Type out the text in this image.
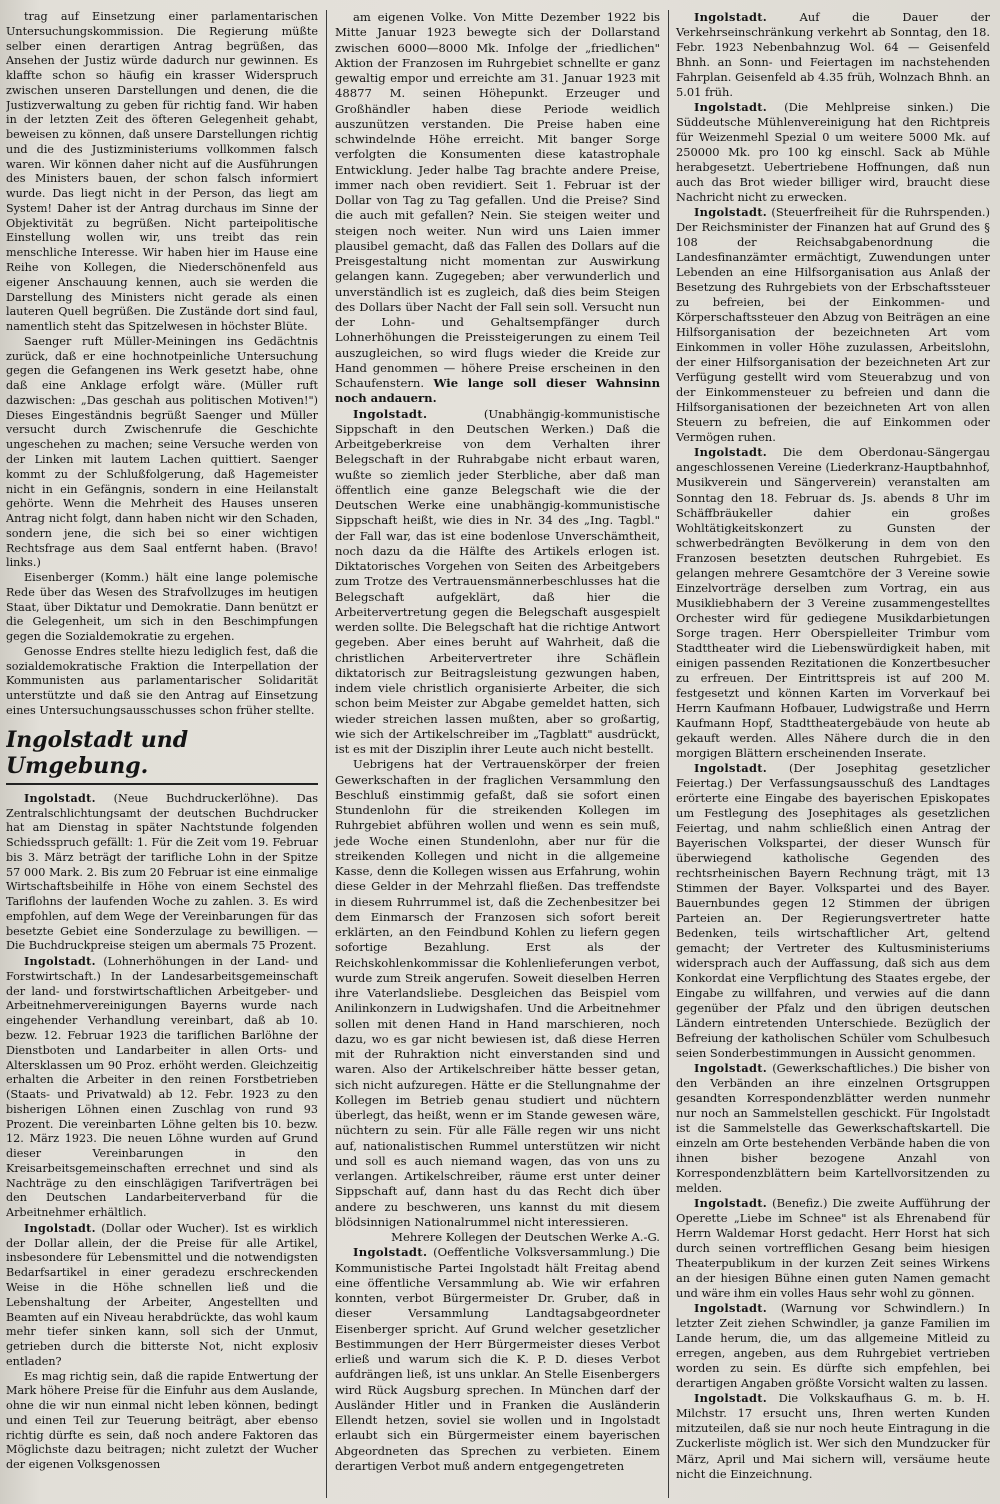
trag auf Einsetzung einer parlamentarischen Untersuchungskommission. Die Regierung müßte selber einen derartigen Antrag begrüßen, das Ansehen der Justiz würde dadurch nur gewinnen. Es klaffte schon so häufig ein krasser Widerspruch zwischen unseren Darstellungen und denen, die die Justizverwaltung zu geben für richtig fand. Wir haben in der letzten Zeit des öfteren Gelegenheit gehabt, beweisen zu können, daß unsere Darstellungen richtig und die des Justizministeriums vollkommen falsch waren. Wir können daher nicht auf die Ausführungen des Ministers bauen, der schon falsch informiert wurde. Das liegt nicht in der Person, das liegt am System! Daher ist der Antrag durchaus im Sinne der Objektivität zu begrüßen. Nicht parteipolitische Einstellung wollen wir, uns treibt das rein menschliche Interesse. Wir haben hier im Hause eine Reihe von Kollegen, die Niederschönenfeld aus eigener Anschauung kennen, auch sie werden die Darstellung des Ministers nicht gerade als einen lauteren Quell begrüßen. Die Zustände dort sind faul, namentlich steht das Spitzelwesen in höchster Blüte.

Saenger ruft Müller-Meiningen ins Gedächtnis zurück, daß er eine hochnotpeinliche Untersuchung gegen die Gefangenen ins Werk gesetzt habe, ohne daß eine Anklage erfolgt wäre. (Müller ruft dazwischen: „Das geschah aus politischen Motiven!") Dieses Eingeständnis begrüßt Saenger und Müller versucht durch Zwischenrufe die Geschichte ungeschehen zu machen; seine Versuche werden von der Linken mit lautem Lachen quittiert. Saenger kommt zu der Schlußfolgerung, daß Hagemeister nicht in ein Gefängnis, sondern in eine Heilanstalt gehörte. Wenn die Mehrheit des Hauses unseren Antrag nicht folgt, dann haben nicht wir den Schaden, sondern jene, die sich bei so einer wichtigen Rechtsfrage aus dem Saal entfernt haben. (Bravo! links.)

Eisenberger (Komm.) hält eine lange polemische Rede über das Wesen des Strafvollzuges im heutigen Staat, über Diktatur und Demokratie. Dann benützt er die Gelegenheit, um sich in den Beschimpfungen gegen die Sozialdemokratie zu ergehen.

Genosse Endres stellte hiezu lediglich fest, daß die sozialdemokratische Fraktion die Interpellation der Kommunisten aus parlamentarischer Solidarität unterstützte und daß sie den Antrag auf Einsetzung eines Untersuchungsausschusses schon früher stellte.

Ingolstadt und Umgebung.

Ingolstadt. (Neue Buchdruckerlöhne). Das Zentralschlichtungsamt der deutschen Buchdrucker hat am Dienstag in später Nachtstunde folgenden Schiedsspruch gefällt: 1. Für die Zeit vom 19. Februar bis 3. März beträgt der tarifliche Lohn in der Spitze 57 000 Mark. 2. Bis zum 20 Februar ist eine einmalige Wirtschaftsbeihilfe in Höhe von einem Sechstel des Tariflohns der laufenden Woche zu zahlen. 3. Es wird empfohlen, auf dem Wege der Vereinbarungen für das besetzte Gebiet eine Sonderzulage zu bewilligen. — Die Buchdruckpreise steigen um abermals 75 Prozent.

Ingolstadt. (Lohnerhöhungen in der Land- und Forstwirtschaft.) In der Landesarbeitsgemeinschaft der land- und forstwirtschaftlichen Arbeitgeber- und Arbeitnehmervereinigungen Bayerns wurde nach eingehender Verhandlung vereinbart, daß ab 10. bezw. 12. Februar 1923 die tariflichen Barlöhne der Dienstboten und Landarbeiter in allen Orts- und Altersklassen um 90 Proz. erhöht werden. Gleichzeitig erhalten die Arbeiter in den reinen Forstbetrieben (Staats- und Privatwald) ab 12. Febr. 1923 zu den bisherigen Löhnen einen Zuschlag von rund 93 Prozent. Die vereinbarten Löhne gelten bis 10. bezw. 12. März 1923. Die neuen Löhne wurden auf Grund dieser Vereinbarungen in den Kreisarbeitsgemeinschaften errechnet und sind als Nachträge zu den einschlägigen Tarifverträgen bei den Deutschen Landarbeiterverband für die Arbeitnehmer erhältlich.

Ingolstadt. (Dollar oder Wucher). Ist es wirklich der Dollar allein, der die Preise für alle Artikel, insbesondere für Lebensmittel und die notwendigsten Bedarfsartikel in einer geradezu erschreckenden Weise in die Höhe schnellen ließ und die Lebenshaltung der Arbeiter, Angestellten und Beamten auf ein Niveau herabdrückte, das wohl kaum mehr tiefer sinken kann, soll sich der Unmut, getrieben durch die bitterste Not, nicht explosiv entladen?

Es mag richtig sein, daß die rapide Entwertung der Mark höhere Preise für die Einfuhr aus dem Auslande, ohne die wir nun einmal nicht leben können, bedingt und einen Teil zur Teuerung beiträgt, aber ebenso richtig dürfte es sein, daß noch andere Faktoren das Möglichste dazu beitragen; nicht zuletzt der Wucher der eigenen Volksgenossen

am eigenen Volke. Von Mitte Dezember 1922 bis Mitte Januar 1923 bewegte sich der Dollarstand zwischen 6000—8000 Mk. Infolge der „friedlichen" Aktion der Franzosen im Ruhrgebiet schnellte er ganz gewaltig empor und erreichte am 31. Januar 1923 mit 48877 M. seinen Höhepunkt. Erzeuger und Großhändler haben diese Periode weidlich auszunützen verstanden. Die Preise haben eine schwindelnde Höhe erreicht. Mit banger Sorge verfolgten die Konsumenten diese katastrophale Entwicklung. Jeder halbe Tag brachte andere Preise, immer nach oben revidiert. Seit 1. Februar ist der Dollar von Tag zu Tag gefallen. Und die Preise? Sind die auch mit gefallen? Nein. Sie steigen weiter und steigen noch weiter. Nun wird uns Laien immer plausibel gemacht, daß das Fallen des Dollars auf die Preisgestaltung nicht momentan zur Auswirkung gelangen kann. Zugegeben; aber verwunderlich und unverständlich ist es zugleich, daß dies beim Steigen des Dollars über Nacht der Fall sein soll. Versucht nun der Lohn- und Gehaltsempfänger durch Lohnerhöhungen die Preissteigerungen zu einem Teil auszugleichen, so wird flugs wieder die Kreide zur Hand genommen — höhere Preise erscheinen in den Schaufenstern. Wie lange soll dieser Wahnsinn noch andauern.

Ingolstadt. (Unabhängig-kommunistische Sippschaft in den Deutschen Werken.) Daß die Arbeitgeberkreise von dem Verhalten ihrer Belegschaft in der Ruhrabgabe nicht erbaut waren, wußte so ziemlich jeder Sterbliche, aber daß man öffentlich eine ganze Belegschaft wie die der Deutschen Werke eine unabhängig-kommunistische Sippschaft heißt, wie dies in Nr. 34 des „Ing. Tagbl." der Fall war, das ist eine bodenlose Unverschämtheit, noch dazu da die Hälfte des Artikels erlogen ist. Diktatorisches Vorgehen von Seiten des Arbeitgebers zum Trotze des Vertrauensmännerbeschlusses hat die Belegschaft aufgeklärt, daß hier die Arbeitervertretung gegen die Belegschaft ausgespielt werden sollte. Die Belegschaft hat die richtige Antwort gegeben. Aber eines beruht auf Wahrheit, daß die christlichen Arbeitervertreter ihre Schäflein diktatorisch zur Beitragsleistung gezwungen haben, indem viele christlich organisierte Arbeiter, die sich schon beim Meister zur Abgabe gemeldet hatten, sich wieder streichen lassen mußten, aber so großartig, wie sich der Artikelschreiber im „Tagblatt" ausdrückt, ist es mit der Disziplin ihrer Leute auch nicht bestellt.

Uebrigens hat der Vertrauenskörper der freien Gewerkschaften in der fraglichen Versammlung den Beschluß einstimmig gefaßt, daß sie sofort einen Stundenlohn für die streikenden Kollegen im Ruhrgebiet abführen wollen und wenn es sein muß, jede Woche einen Stundenlohn, aber nur für die streikenden Kollegen und nicht in die allgemeine Kasse, denn die Kollegen wissen aus Erfahrung, wohin diese Gelder in der Mehrzahl fließen. Das treffendste in diesem Ruhrrummel ist, daß die Zechenbesitzer bei dem Einmarsch der Franzosen sich sofort bereit erklärten, an den Feindbund Kohlen zu liefern gegen sofortige Bezahlung. Erst als der Reichskohlenkommissar die Kohlenlieferungen verbot, wurde zum Streik angerufen. Soweit dieselben Herren ihre Vaterlandsliebe. Desgleichen das Beispiel vom Anilinkonzern in Ludwigshafen. Und die Arbeitnehmer sollen mit denen Hand in Hand marschieren, noch dazu, wo es gar nicht bewiesen ist, daß diese Herren mit der Ruhraktion nicht einverstanden sind und waren. Also der Artikelschreiber hätte besser getan, sich nicht aufzuregen. Hätte er die Stellungnahme der Kollegen im Betrieb genau studiert und nüchtern überlegt, das heißt, wenn er im Stande gewesen wäre, nüchtern zu sein. Für alle Fälle regen wir uns nicht auf, nationalistischen Rummel unterstützen wir nicht und soll es auch niemand wagen, das von uns zu verlangen. Artikelschreiber, räume erst unter deiner Sippschaft auf, dann hast du das Recht dich über andere zu beschweren, uns kannst du mit diesem blödsinnigen Nationalrummel nicht interessieren.

Mehrere Kollegen der Deutschen Werke A.-G.

Ingolstadt. (Oeffentliche Volksversammlung.) Die Kommunistische Partei Ingolstadt hält Freitag abend eine öffentliche Versammlung ab. Wie wir erfahren konnten, verbot Bürgermeister Dr. Gruber, daß in dieser Versammlung Landtagsabgeordneter Eisenberger spricht. Auf Grund welcher gesetzlicher Bestimmungen der Herr Bürgermeister dieses Verbot erließ und warum sich die K. P. D. dieses Verbot aufdrängen ließ, ist uns unklar. An Stelle Eisenbergers wird Rück Augsburg sprechen. In München darf der Ausländer Hitler und in Franken die Ausländerin Ellendt hetzen, soviel sie wollen und in Ingolstadt erlaubt sich ein Bürgermeister einem bayerischen Abgeordneten das Sprechen zu verbieten. Einem derartigen Verbot muß andern entgegengetreten

Ingolstadt. Auf die Dauer der Verkehrseinschränkung verkehrt ab Sonntag, den 18. Febr. 1923 Nebenbahnzug Wol. 64 — Geisenfeld Bhnh. an Sonn- und Feiertagen im nachstehenden Fahrplan. Geisenfeld ab 4.35 früh, Wolnzach Bhnh. an 5.01 früh.

Ingolstadt. (Die Mehlpreise sinken.) Die Süddeutsche Mühlenvereinigung hat den Richtpreis für Weizenmehl Spezial 0 um weitere 5000 Mk. auf 250000 Mk. pro 100 kg einschl. Sack ab Mühle herabgesetzt. Uebertriebene Hoffnungen, daß nun auch das Brot wieder billiger wird, braucht diese Nachricht nicht zu erwecken.

Ingolstadt. (Steuerfreiheit für die Ruhrspenden.) Der Reichsminister der Finanzen hat auf Grund des § 108 der Reichsabgabenordnung die Landesfinanzämter ermächtigt, Zuwendungen unter Lebenden an eine Hilfsorganisation aus Anlaß der Besetzung des Ruhrgebiets von der Erbschaftssteuer zu befreien, bei der Einkommen- und Körperschaftssteuer den Abzug von Beiträgen an eine Hilfsorganisation der bezeichneten Art vom Einkommen in voller Höhe zuzulassen, Arbeitslohn, der einer Hilfsorganisation der bezeichneten Art zur Verfügung gestellt wird vom Steuerabzug und von der Einkommensteuer zu befreien und dann die Hilfsorganisationen der bezeichneten Art von allen Steuern zu befreien, die auf Einkommen oder Vermögen ruhen.

Ingolstadt. Die dem Oberdonau-Sängergau angeschlossenen Vereine (Liederkranz-Hauptbahnhof, Musikverein und Sängerverein) veranstalten am Sonntag den 18. Februar ds. Js. abends 8 Uhr im Schäffbräukeller dahier ein großes Wohltätigkeitskonzert zu Gunsten der schwerbedrängten Bevölkerung in dem von den Franzosen besetzten deutschen Ruhrgebiet. Es gelangen mehrere Gesamtchöre der 3 Vereine sowie Einzelvorträge derselben zum Vortrag, ein aus Musikliebhabern der 3 Vereine zusammengestelltes Orchester wird für gediegene Musikdarbietungen Sorge tragen. Herr Oberspielleiter Trimbur vom Stadttheater wird die Liebenswürdigkeit haben, mit einigen passenden Rezitationen die Konzertbesucher zu erfreuen. Der Eintrittspreis ist auf 200 M. festgesetzt und können Karten im Vorverkauf bei Herrn Kaufmann Hofbauer, Ludwigstraße und Herrn Kaufmann Hopf, Stadttheatergebäude von heute ab gekauft werden. Alles Nähere durch die in den morgigen Blättern erscheinenden Inserate.

Ingolstadt. (Der Josephitag gesetzlicher Feiertag.) Der Verfassungsausschuß des Landtages erörterte eine Eingabe des bayerischen Episkopates um Festlegung des Josephitages als gesetzlichen Feiertag, und nahm schließlich einen Antrag der Bayerischen Volkspartei, der dieser Wunsch für überwiegend katholische Gegenden des rechtsrheinischen Bayern Rechnung trägt, mit 13 Stimmen der Bayer. Volkspartei und des Bayer. Bauernbundes gegen 12 Stimmen der übrigen Parteien an. Der Regierungsvertreter hatte Bedenken, teils wirtschaftlicher Art, geltend gemacht; der Vertreter des Kultusministeriums widersprach auch der Auffassung, daß sich aus dem Konkordat eine Verpflichtung des Staates ergebe, der Eingabe zu willfahren, und verwies auf die dann gegenüber der Pfalz und den übrigen deutschen Ländern eintretenden Unterschiede. Bezüglich der Befreiung der katholischen Schüler vom Schulbesuch seien Sonderbestimmungen in Aussicht genommen.

Ingolstadt. (Gewerkschaftliches.) Die bisher von den Verbänden an ihre einzelnen Ortsgruppen gesandten Korrespondenzblätter werden nunmehr nur noch an Sammelstellen geschickt. Für Ingolstadt ist die Sammelstelle das Gewerkschaftskartell. Die einzeln am Orte bestehenden Verbände haben die von ihnen bisher bezogene Anzahl von Korrespondenzblättern beim Kartellvorsitzenden zu melden.

Ingolstadt. (Benefiz.) Die zweite Aufführung der Operette „Liebe im Schnee" ist als Ehrenabend für Herrn Waldemar Horst gedacht. Herr Horst hat sich durch seinen vortrefflichen Gesang beim hiesigen Theaterpublikum in der kurzen Zeit seines Wirkens an der hiesigen Bühne einen guten Namen gemacht und wäre ihm ein volles Haus sehr wohl zu gönnen.

Ingolstadt. (Warnung vor Schwindlern.) In letzter Zeit ziehen Schwindler, ja ganze Familien im Lande herum, die, um das allgemeine Mitleid zu erregen, angeben, aus dem Ruhrgebiet vertrieben worden zu sein. Es dürfte sich empfehlen, bei derartigen Angaben größte Vorsicht walten zu lassen.

Ingolstadt. Die Volkskaufhaus G. m. b. H. Milchstr. 17 ersucht uns, Ihren werten Kunden mitzuteilen, daß sie nur noch heute Eintragung in die Zuckerliste möglich ist. Wer sich den Mundzucker für März, April und Mai sichern will, versäume heute nicht die Einzeichnung.
